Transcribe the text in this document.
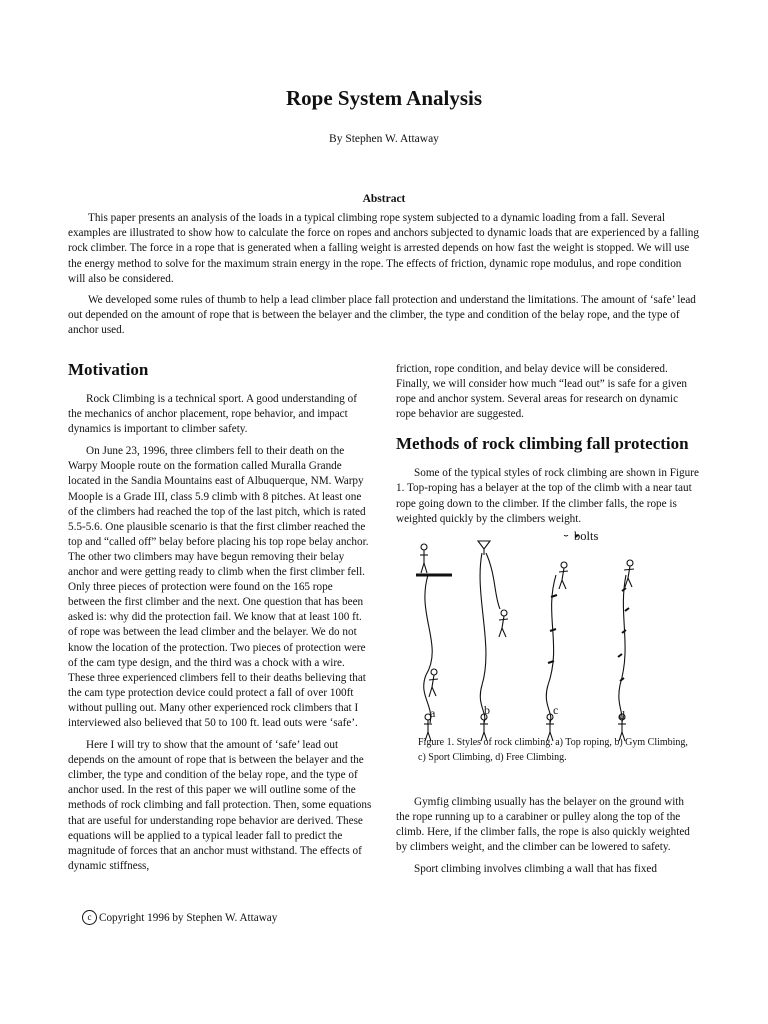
Rope System Analysis
By Stephen W. Attaway
Abstract

This paper presents an analysis of the loads in a typical climbing rope system subjected to a dynamic loading from a fall. Several examples are illustrated to show how to calculate the force on ropes and anchors subjected to dynamic loads that are experienced by a falling rock climber. The force in a rope that is generated when a falling weight is arrested depends on how fast the weight is stopped. We will use the energy method to solve for the maximum strain energy in the rope. The effects of friction, dynamic rope modulus, and rope condition will also be considered.

We developed some rules of thumb to help a lead climber place fall protection and understand the limitations. The amount of ‘safe’ lead out depended on the amount of rope that is between the belayer and the climber, the type and condition of the belay rope, and the type of anchor used.

Motivation

Rock Climbing is a technical sport. A good understanding of the mechanics of anchor placement, rope behavior, and impact dynamics is important to climber safety.

On June 23, 1996, three climbers fell to their death on the Warpy Moople route on the formation called Muralla Grande located in the Sandia Mountains east of Albuquerque, NM. Warpy Moople is a Grade III, class 5.9 climb with 8 pitches. At least one of the climbers had reached the top of the last pitch, which is rated 5.5-5.6. One plausible scenario is that the first climber reached the top and “called off” belay before placing his top rope belay anchor. The other two climbers may have begun removing their belay anchor and were getting ready to climb when the first climber fell. Only three pieces of protection were found on the 165 rope between the first climber and the next. One question that has been asked is: why did the protection fail. We know that at least 100 ft. of rope was between the lead climber and the belayer. We do not know the location of the protection. Two pieces of protection were of the cam type design, and the third was a chock with a wire. These three experienced climbers fell to their deaths believing that the cam type protection device could protect a fall of over 100ft without pulling out. Many other experienced rock climbers that I interviewed also believed that 50 to 100 ft. lead outs were ‘safe’.

Here I will try to show that the amount of ‘safe’ lead out depends on the amount of rope that is between the belayer and the climber, the type and condition of the belay rope, and the type of anchor used. In the rest of this paper we will outline some of the methods of rock climbing and fall protection. Then, some equations that are useful for understanding rope behavior are derived. These equations will be applied to a typical leader fall to predict the magnitude of forces that an anchor must withstand. The effects of dynamic stiffness,

friction, rope condition, and belay device will be considered. Finally, we will consider how much “lead out” is safe for a given rope and anchor system. Several areas for research on dynamic rope behavior are suggested.

Methods of rock climbing fall protection

Some of the typical styles of rock climbing are shown in Figure 1. Top-roping has a belayer at the top of the climb with a near taut rope going down to the climber. If the climber falls, the rope is weighted quickly by the climbers weight.

bolts
a	b	c	d
Figure 1. Styles of rock climbing. a) Top roping, b) Gym Climbing, c) Sport Climbing, d) Free Climbing.

Gymfig climbing usually has the belayer on the ground with the rope running up to a carabiner or pulley along the top of the climb. Here, if the climber falls, the rope is also quickly weighted by climbers weight, and the climber can be lowered to safety.

Sport climbing involves climbing a wall that has fixed

c Copyright 1996 by Stephen W. Attaway
